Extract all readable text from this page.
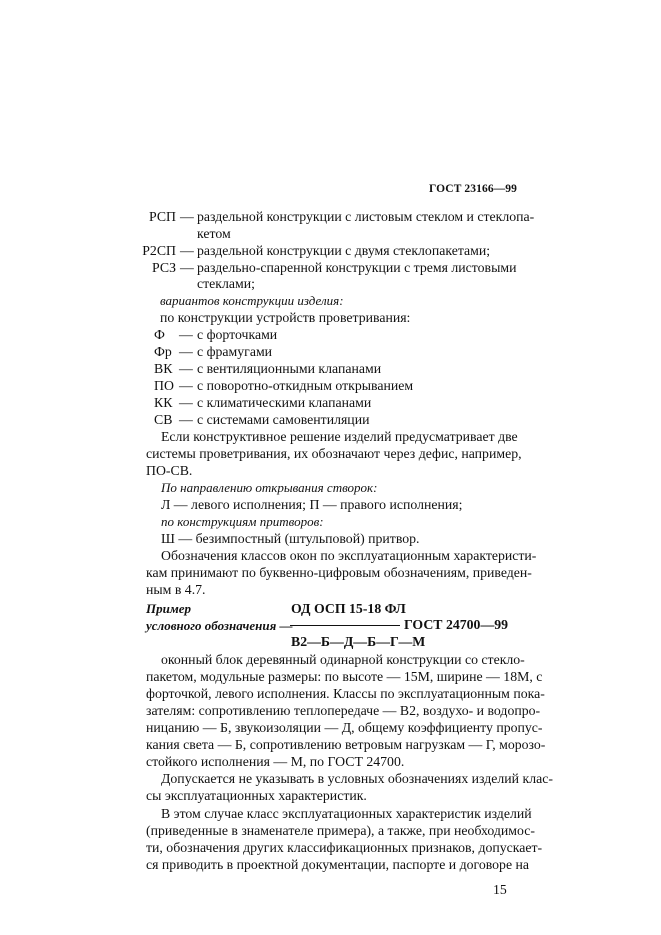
ГОСТ 23166—99
РСП — раздельной конструкции с листовым стеклом и стеклопа-
кетом
Р2СП — раздельной конструкции с двумя стеклопакетами;
РСЗ — раздельно-спаренной конструкции с тремя листовыми
стеклами;
вариантов конструкции изделия:
по конструкции устройств проветривания:
Ф — с форточками
Фр — с фрамугами
ВК — с вентиляционными клапанами
ПО — с поворотно-откидным открыванием
КК — с климатическими клапанами
СВ — с системами самовентиляции
Если конструктивное решение изделий предусматривает две
системы проветривания, их обозначают через дефис, например,
ПО-СВ.
По направлению открывания створок:
Л — левого исполнения; П — правого исполнения;
по конструкциям притворов:
Ш — безимпостный (штульповой) притвор.
Обозначения классов окон по эксплуатационным характеристи-
кам принимают по буквенно-цифровым обозначениям, приведен-
ным в 4.7.
Пример
условного обозначения —
ОД ОСП 15-18 ФЛ
ГОСТ 24700—99
В2—Б—Д—Б—Г—М
оконный блок деревянный одинарной конструкции со стекло-
пакетом, модульные размеры: по высоте — 15М, ширине — 18М, с
форточкой, левого исполнения. Классы по эксплуатационным пока-
зателям: сопротивлению теплопередаче — В2, воздухо- и водопро-
ницанию — Б, звукоизоляции — Д, общему коэффициенту пропус-
кания света — Б, сопротивлению ветровым нагрузкам — Г, морозо-
стойкого исполнения — М, по ГОСТ 24700.
Допускается не указывать в условных обозначениях изделий клас-
сы эксплуатационных характеристик.
В этом случае класс эксплуатационных характеристик изделий
(приведенные в знаменателе примера), а также, при необходимос-
ти, обозначения других классификационных признаков, допускает-
ся приводить в проектной документации, паспорте и договоре на
15
